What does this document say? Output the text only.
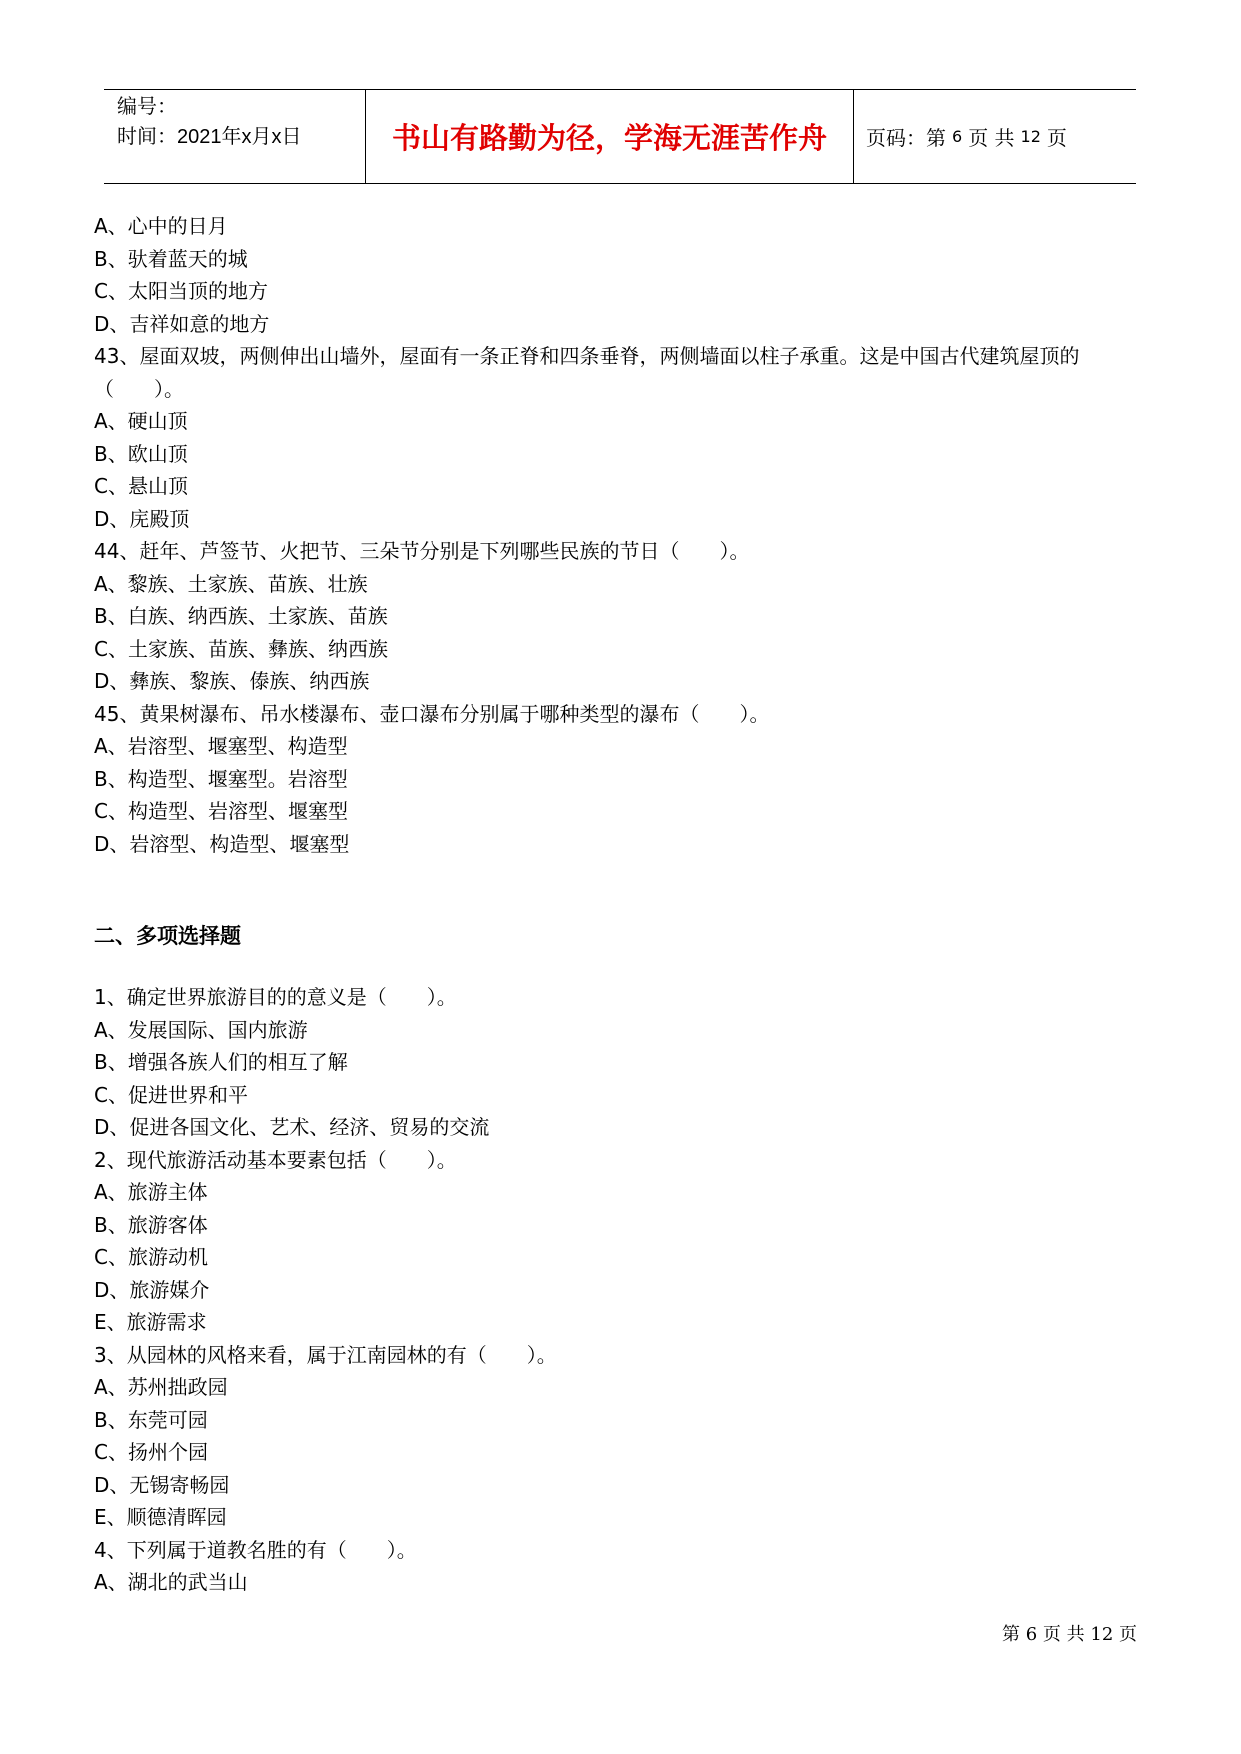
编号：
时间：2021年x月x日	书山有路勤为径，学海无涯苦作舟	页码：第 6 页 共 12 页
A、心中的日月
B、驮着蓝天的城
C、太阳当顶的地方
D、吉祥如意的地方
43、屋面双坡，两侧伸出山墙外，屋面有一条正脊和四条垂脊，两侧墙面以柱子承重。这是中国古代建筑屋顶的（　　）。
A、硬山顶
B、欧山顶
C、悬山顶
D、庑殿顶
44、赶年、芦签节、火把节、三朵节分别是下列哪些民族的节日（　　）。
A、黎族、土家族、苗族、壮族
B、白族、纳西族、土家族、苗族
C、土家族、苗族、彝族、纳西族
D、彝族、黎族、傣族、纳西族
45、黄果树瀑布、吊水楼瀑布、壶口瀑布分别属于哪种类型的瀑布（　　）。
A、岩溶型、堰塞型、构造型
B、构造型、堰塞型。岩溶型
C、构造型、岩溶型、堰塞型
D、岩溶型、构造型、堰塞型
二、多项选择题
1、确定世界旅游目的的意义是（　　）。
A、发展国际、国内旅游
B、增强各族人们的相互了解
C、促进世界和平
D、促进各国文化、艺术、经济、贸易的交流
2、现代旅游活动基本要素包括（　　）。
A、旅游主体
B、旅游客体
C、旅游动机
D、旅游媒介
E、旅游需求
3、从园林的风格来看，属于江南园林的有（　　）。
A、苏州拙政园
B、东莞可园
C、扬州个园
D、无锡寄畅园
E、顺德清晖园
4、下列属于道教名胜的有（　　）。
A、湖北的武当山
第 6 页 共 12 页
